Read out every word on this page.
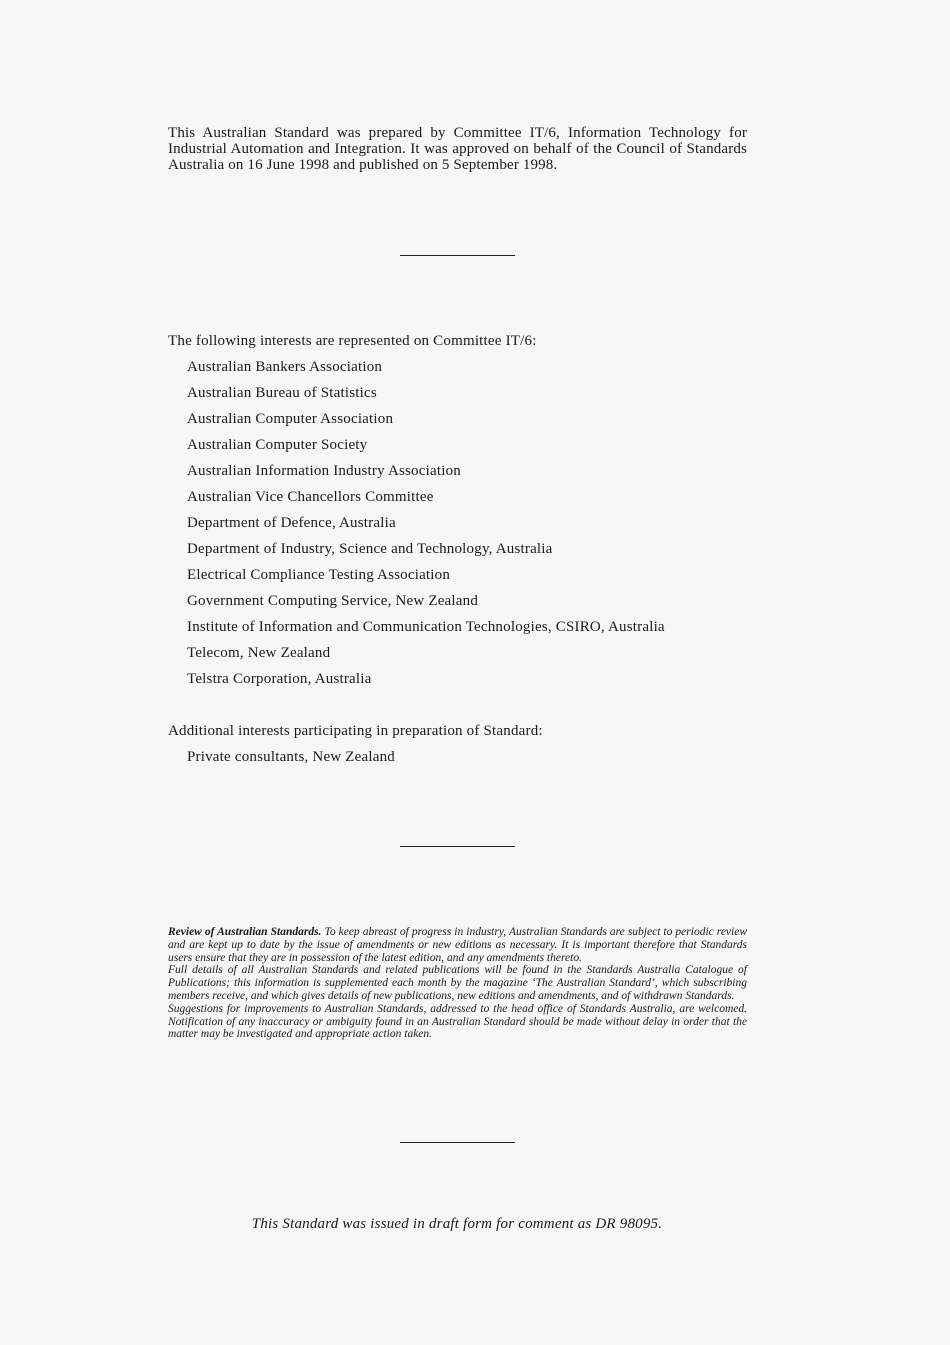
This Australian Standard was prepared by Committee IT/6, Information Technology for Industrial Automation and Integration. It was approved on behalf of the Council of Standards Australia on 16 June 1998 and published on 5 September 1998.

The following interests are represented on Committee IT/6:
Australian Bankers Association
Australian Bureau of Statistics
Australian Computer Association
Australian Computer Society
Australian Information Industry Association
Australian Vice Chancellors Committee
Department of Defence, Australia
Department of Industry, Science and Technology, Australia
Electrical Compliance Testing Association
Government Computing Service, New Zealand
Institute of Information and Communication Technologies, CSIRO, Australia
Telecom, New Zealand
Telstra Corporation, Australia
Additional interests participating in preparation of Standard:
Private consultants, New Zealand

Review of Australian Standards. To keep abreast of progress in industry, Australian Standards are subject to periodic review and are kept up to date by the issue of amendments or new editions as necessary. It is important therefore that Standards users ensure that they are in possession of the latest edition, and any amendments thereto.

Full details of all Australian Standards and related publications will be found in the Standards Australia Catalogue of Publications; this information is supplemented each month by the magazine ‘The Australian Standard’, which subscribing members receive, and which gives details of new publications, new editions and amendments, and of withdrawn Standards.

Suggestions for improvements to Australian Standards, addressed to the head office of Standards Australia, are welcomed. Notification of any inaccuracy or ambiguity found in an Australian Standard should be made without delay in order that the matter may be investigated and appropriate action taken.

This Standard was issued in draft form for comment as DR 98095.
